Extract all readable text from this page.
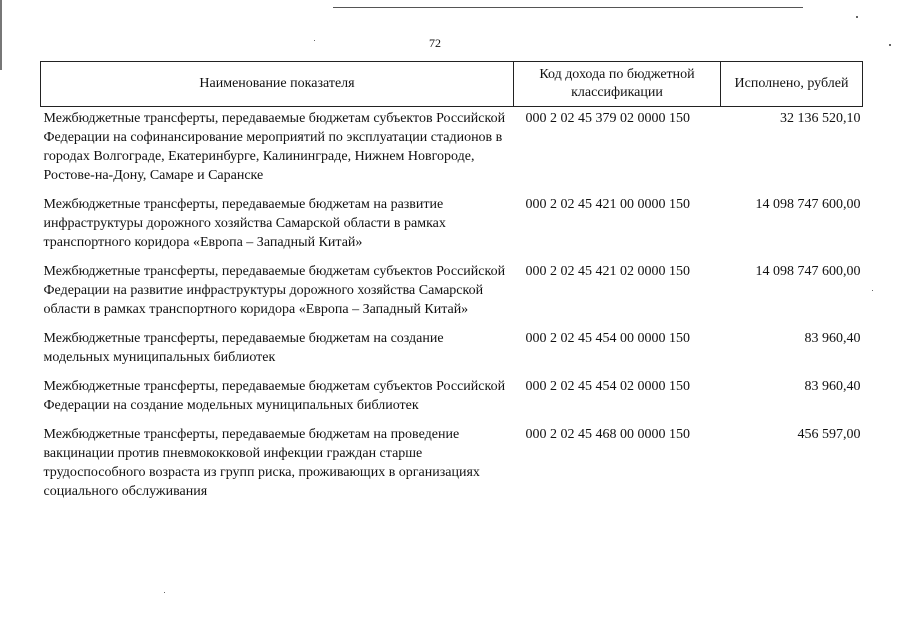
72
Наименование показателя	Код дохода по бюджетной классификации	Исполнено, рублей
Межбюджетные трансферты, передаваемые бюджетам субъектов Российской Федерации на софинансирование мероприятий по эксплуатации стадионов в городах Волгограде, Екатеринбурге, Калининграде, Нижнем Новгороде, Ростове-на-Дону, Самаре и Саранске	000 2 02 45 379 02 0000 150	32 136 520,10
Межбюджетные трансферты, передаваемые бюджетам на развитие инфраструктуры дорожного хозяйства Самарской области в рамках транспортного коридора «Европа – Западный Китай»	000 2 02 45 421 00 0000 150	14 098 747 600,00
Межбюджетные трансферты, передаваемые бюджетам субъектов Российской Федерации на развитие инфраструктуры дорожного хозяйства Самарской области в рамках транспортного коридора «Европа – Западный Китай»	000 2 02 45 421 02 0000 150	14 098 747 600,00
Межбюджетные трансферты, передаваемые бюджетам на создание модельных муниципальных библиотек	000 2 02 45 454 00 0000 150	83 960,40
Межбюджетные трансферты, передаваемые бюджетам субъектов Российской Федерации на создание модельных муниципальных библиотек	000 2 02 45 454 02 0000 150	83 960,40
Межбюджетные трансферты, передаваемые бюджетам на проведение вакцинации против пневмококковой инфекции граждан старше трудоспособного возраста из групп риска, проживающих в организациях социального обслуживания	000 2 02 45 468 00 0000 150	456 597,00
